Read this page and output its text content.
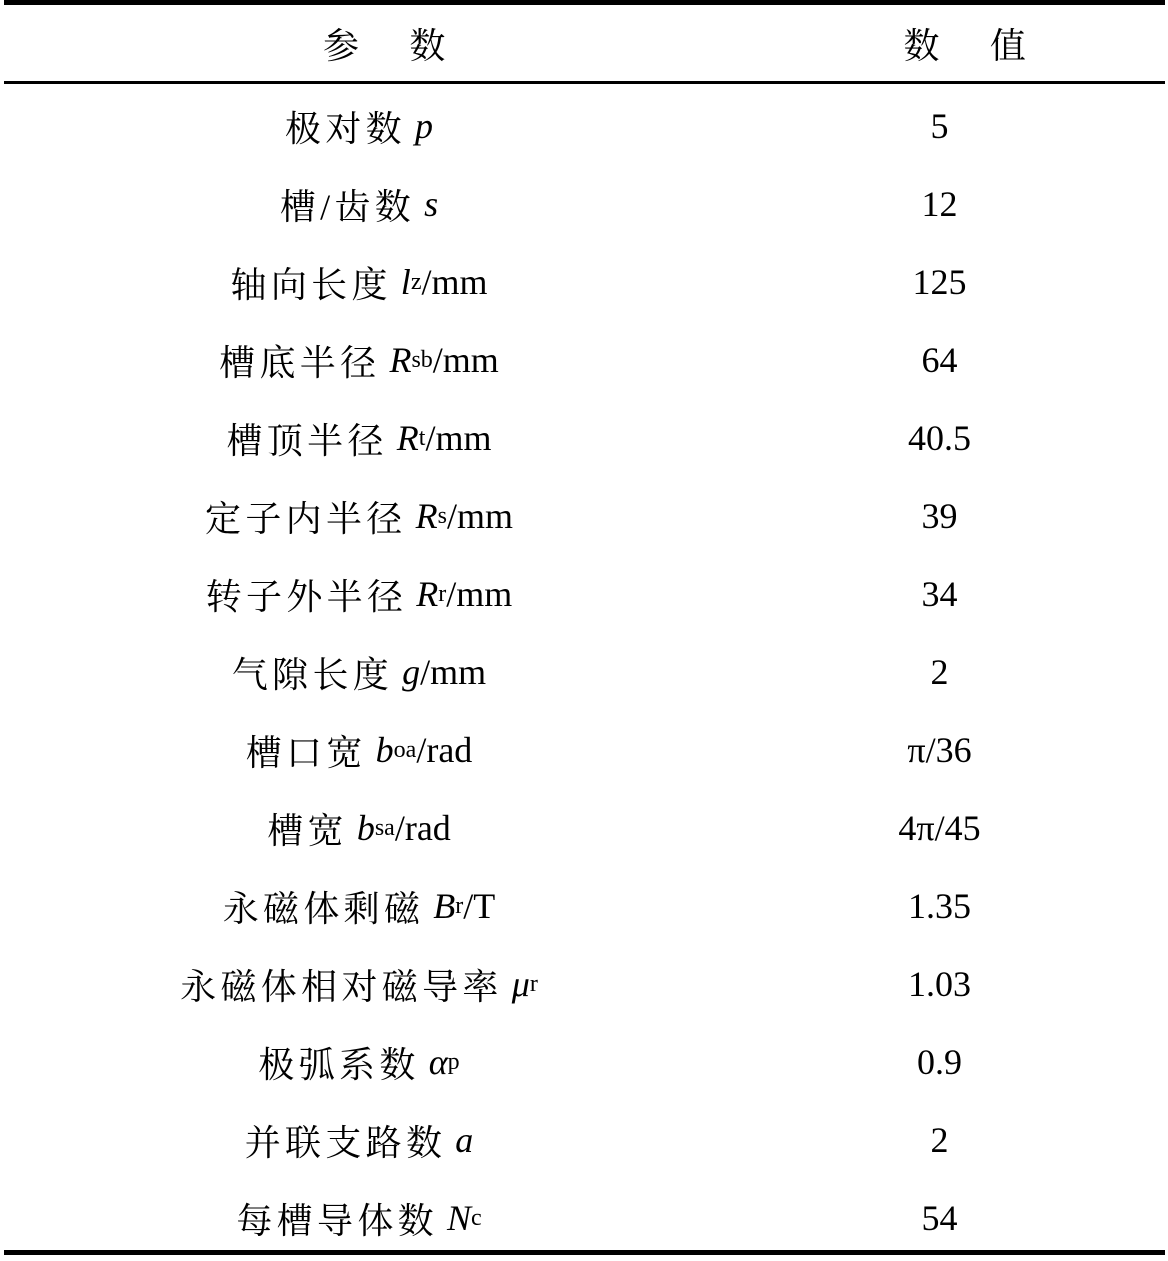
参数	数值
极对数 p	5
槽/齿数 s	12
轴向长度 l z /mm	125
槽底半径 R sb /mm	64
槽顶半径 R t /mm	40.5
定子内半径 R s /mm	39
转子外半径 R r /mm	34
气隙长度 g /mm	2
槽口宽 b oa /rad	π/36
槽宽 b sa /rad	4π/45
永磁体剩磁 B r /T	1.35
永磁体相对磁导率 μ r	1.03
极弧系数 α p	0.9
并联支路数 a	2
每槽导体数 N c	54
